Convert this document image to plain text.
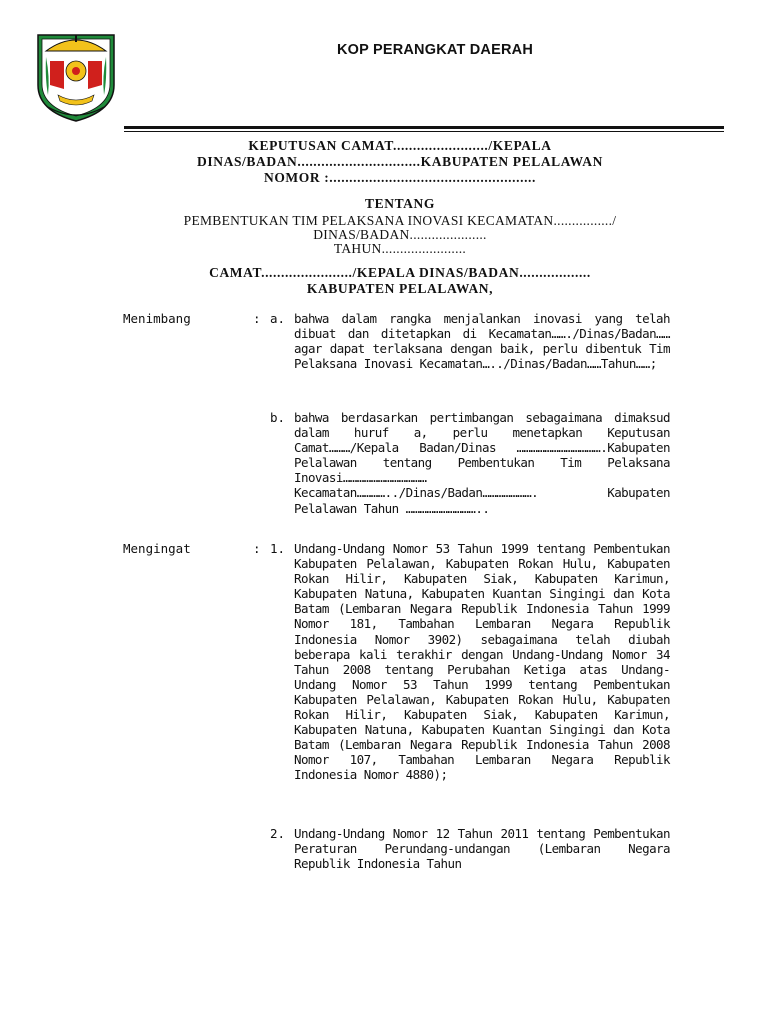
KOP PERANGKAT DAERAH
KEPUTUSAN CAMAT......................../KEPALA
DINAS/BADAN...............................KABUPATEN PELALAWAN
NOMOR :....................................................
TENTANG
PEMBENTUKAN TIM PELAKSANA INOVASI KECAMATAN................/
DINAS/BADAN.....................
TAHUN.......................
CAMAT......................./KEPALA DINAS/BADAN..................
KABUPATEN PELALAWAN,
Menimbang	: a. bahwa dalam rangka menjalankan inovasi yang telah dibuat dan ditetapkan di Kecamatan……./Dinas/Badan……agar dapat terlaksana dengan baik, perlu dibentuk Tim Pelaksana Inovasi Kecamatan…../Dinas/Badan……Tahun……;
b. bahwa berdasarkan pertimbangan sebagaimana dimaksud dalam huruf a, perlu menetapkan Keputusan Camat………/Kepala Badan/Dinas ……………………………….Kabupaten Pelalawan tentang Pembentukan Tim Pelaksana Inovasi……………………………… Kecamatan…………../Dinas/Badan…………………. Kabupaten Pelalawan Tahun …………………………..
Mengingat	: 1. Undang-Undang Nomor 53 Tahun 1999 tentang Pembentukan Kabupaten Pelalawan, Kabupaten Rokan Hulu, Kabupaten Rokan Hilir, Kabupaten Siak, Kabupaten Karimun, Kabupaten Natuna, Kabupaten Kuantan Singingi dan Kota Batam (Lembaran Negara Republik Indonesia Tahun 1999 Nomor 181, Tambahan Lembaran Negara Republik Indonesia Nomor 3902) sebagaimana telah diubah beberapa kali terakhir dengan Undang-Undang Nomor 34 Tahun 2008 tentang Perubahan Ketiga atas Undang-Undang Nomor 53 Tahun 1999 tentang Pembentukan Kabupaten Pelalawan, Kabupaten Rokan Hulu, Kabupaten Rokan Hilir, Kabupaten Siak, Kabupaten Karimun, Kabupaten Natuna, Kabupaten Kuantan Singingi dan Kota Batam (Lembaran Negara Republik Indonesia Tahun 2008 Nomor 107, Tambahan Lembaran Negara Republik Indonesia Nomor 4880);
2. Undang-Undang Nomor 12 Tahun 2011 tentang Pembentukan Peraturan Perundang-undangan (Lembaran Negara Republik Indonesia Tahun
